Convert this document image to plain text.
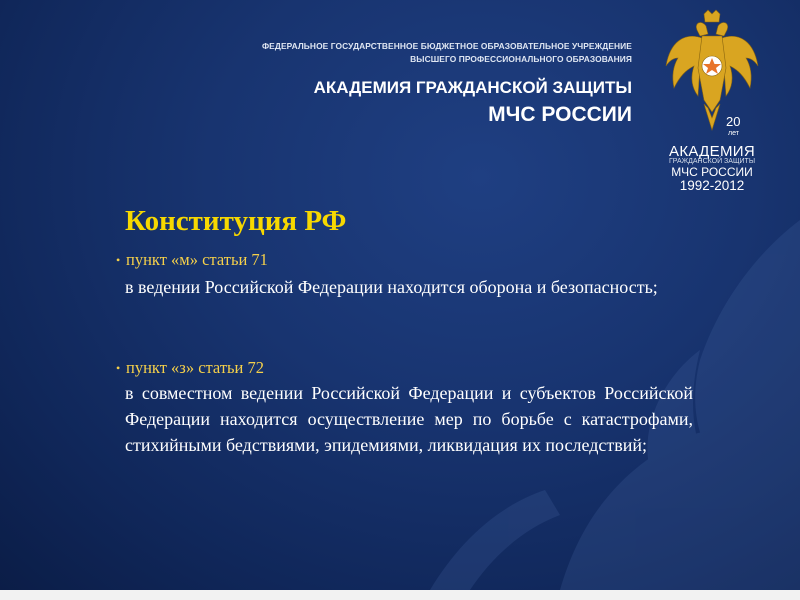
ФЕДЕРАЛЬНОЕ ГОСУДАРСТВЕННОЕ БЮДЖЕТНОЕ ОБРАЗОВАТЕЛЬНОЕ УЧРЕЖДЕНИЕ
ВЫСШЕГО ПРОФЕССИОНАЛЬНОГО ОБРАЗОВАНИЯ
АКАДЕМИЯ ГРАЖДАНСКОЙ ЗАЩИТЫ
МЧС РОССИИ	20
лет
АКАДЕМИЯ
ГРАЖДАНСКОЙ ЗАЩИТЫ
МЧС РОССИИ
1992-2012
Конституция РФ
• пункт «м» статьи 71
в ведении Российской Федерации находится оборона и безопасность;
• пункт «з» статьи 72
в совместном ведении Российской Федерации и субъектов Российской Федерации находится осуществление мер по борьбе с катастрофами, стихийными бедствиями, эпидемиями, ликвидация их последствий;
